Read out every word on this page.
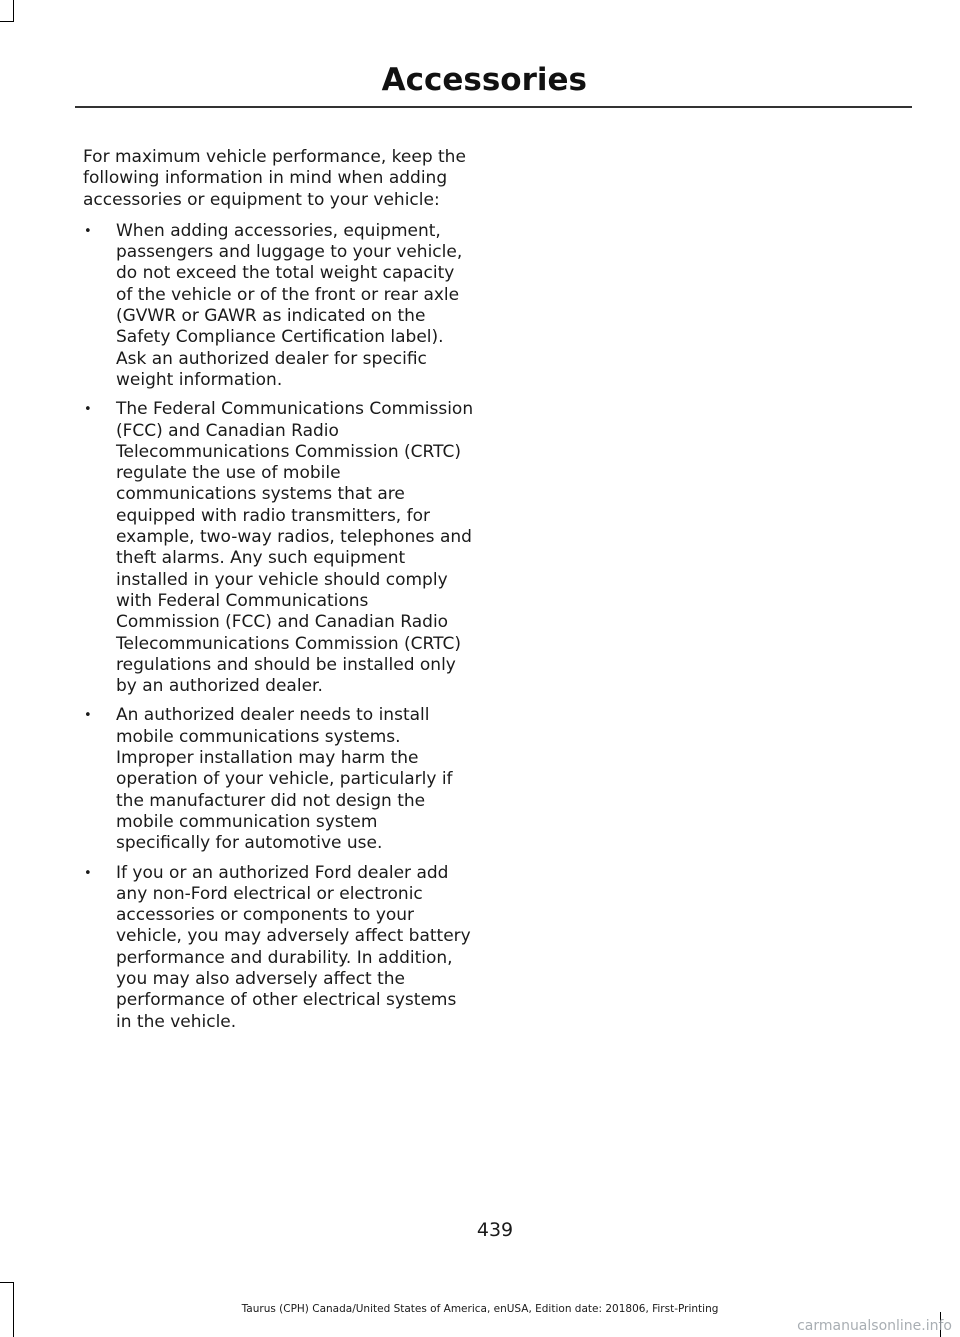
Accessories

For maximum vehicle performance, keep the following information in mind when adding accessories or equipment to your vehicle:

• When adding accessories, equipment, passengers and luggage to your vehicle, do not exceed the total weight capacity of the vehicle or of the front or rear axle (GVWR or GAWR as indicated on the Safety Compliance Certification label). Ask an authorized dealer for specific weight information.
• The Federal Communications Commission (FCC) and Canadian Radio Telecommunications Commission (CRTC) regulate the use of mobile communications systems that are equipped with radio transmitters, for example, two-way radios, telephones and theft alarms. Any such equipment installed in your vehicle should comply with Federal Communications Commission (FCC) and Canadian Radio Telecommunications Commission (CRTC) regulations and should be installed only by an authorized dealer.
• An authorized dealer needs to install mobile communications systems. Improper installation may harm the operation of your vehicle, particularly if the manufacturer did not design the mobile communication system specifically for automotive use.
• If you or an authorized Ford dealer add any non-Ford electrical or electronic accessories or components to your vehicle, you may adversely affect battery performance and durability. In addition, you may also adversely affect the performance of other electrical systems in the vehicle.
439
Taurus (CPH) Canada/United States of America, enUSA, Edition date: 201806, First-Printing
carmanualsonline.info
